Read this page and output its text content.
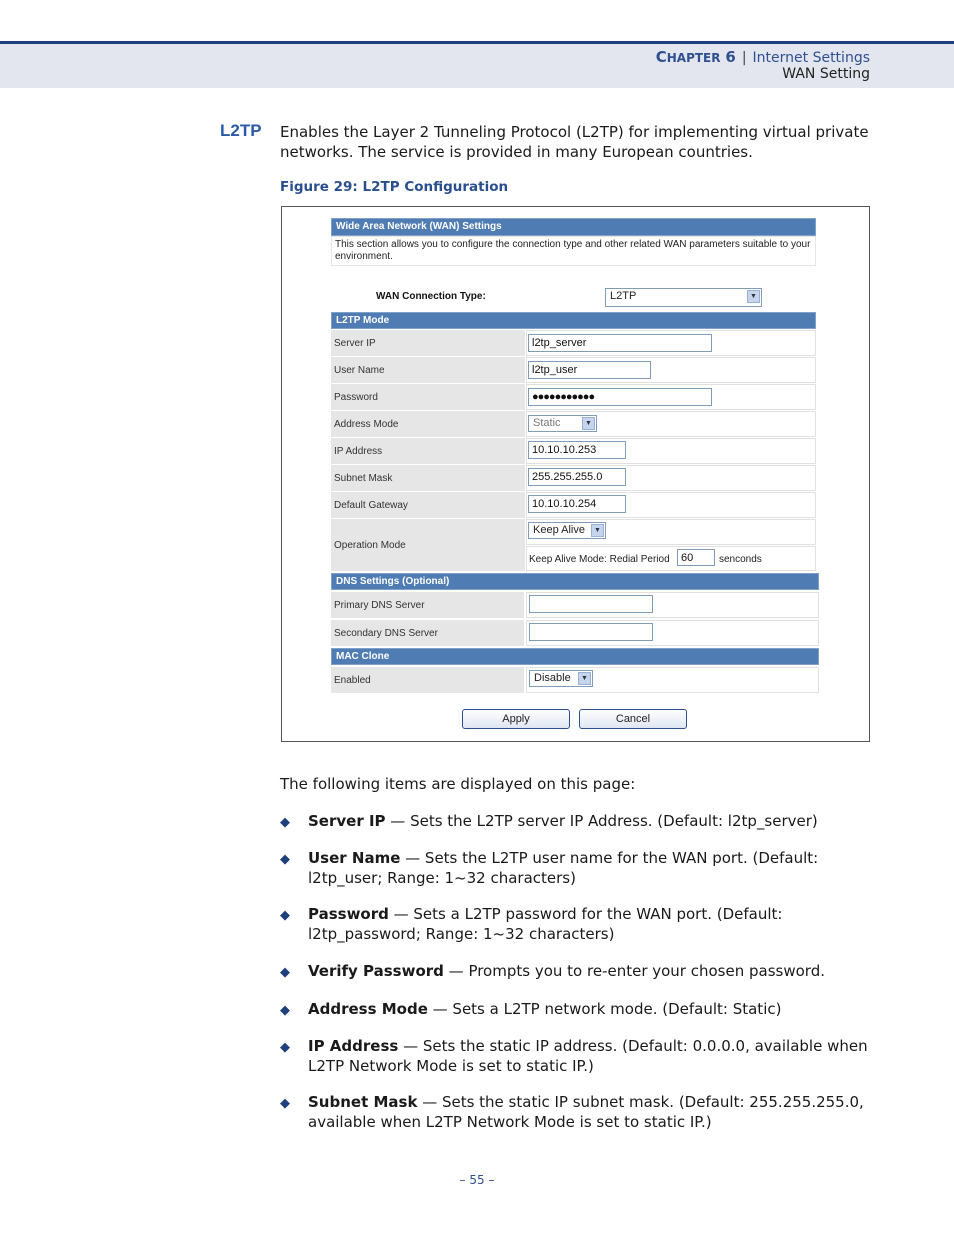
CHAPTER 6 | Internet Settings
WAN Setting
L2TP Enables the Layer 2 Tunneling Protocol (L2TP) for implementing virtual private networks. The service is provided in many European countries.
Figure 29: L2TP Configuration
Wide Area Network (WAN) Settings
This section allows you to configure the connection type and other related WAN parameters suitable to your environment.
WAN Connection Type:	L2TP	▼
L2TP Mode
Server IP	l2tp_server
User Name	l2tp_user
Password	●●●●●●●●●●●
Address Mode	Static	▼
IP Address	10.10.10.253
Subnet Mask	255.255.255.0
Default Gateway	10.10.10.254
Operation Mode
Keep Alive	▼
Keep Alive Mode: Redial Period	60	senconds
DNS Settings (Optional)
Primary DNS Server
Secondary DNS Server
MAC Clone
Enabled	Disable	▼
Apply	Cancel
The following items are displayed on this page:
◆ Server IP — Sets the L2TP server IP Address. (Default: l2tp_server)
◆ User Name — Sets the L2TP user name for the WAN port. (Default: l2tp_user; Range: 1~32 characters)
◆ Password — Sets a L2TP password for the WAN port. (Default: l2tp_password; Range: 1~32 characters)
◆ Verify Password — Prompts you to re-enter your chosen password.
◆ Address Mode — Sets a L2TP network mode. (Default: Static)
◆ IP Address — Sets the static IP address. (Default: 0.0.0.0, available when L2TP Network Mode is set to static IP.)
◆ Subnet Mask — Sets the static IP subnet mask. (Default: 255.255.255.0, available when L2TP Network Mode is set to static IP.)
– 55 –
